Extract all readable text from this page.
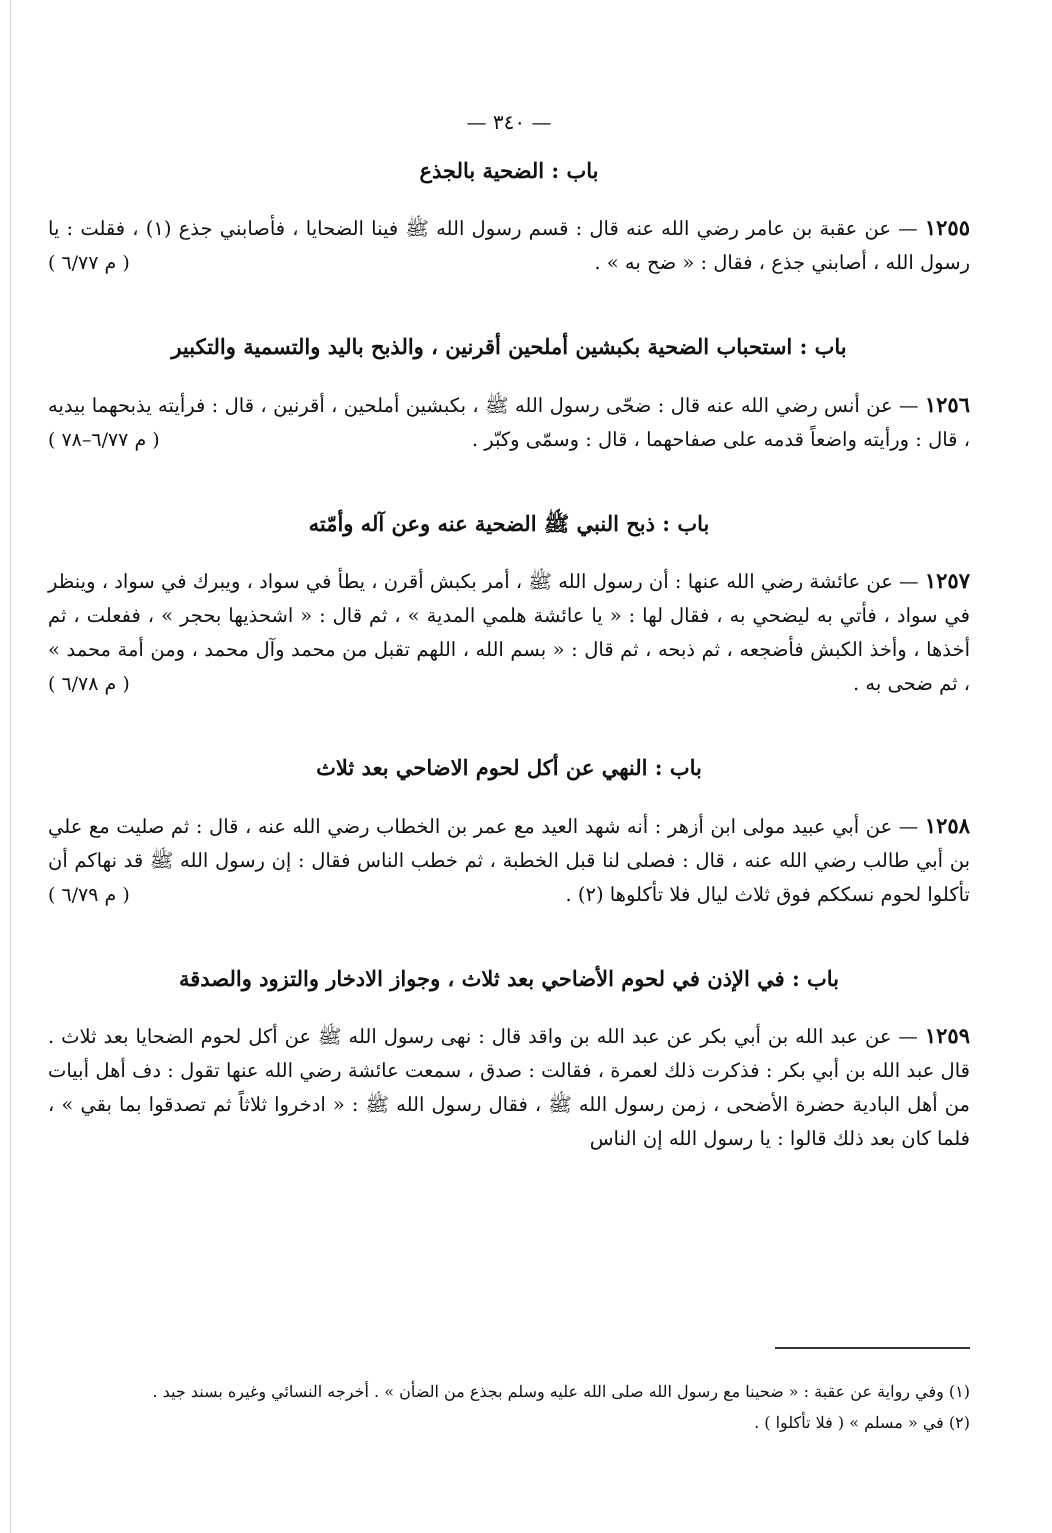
— ٣٤٠ —
باب : الضحية بالجذع

١٢٥٥ — عن عقبة بن عامر رضي الله عنه قال : قسم رسول الله ﷺ فينا الضحايا ، فأصابني جذع (١) ، فقلت : يا رسول الله ، أصابني جذع ، فقال : « ضح به » .
( م ٦/٧٧ )

باب : استحباب الضحية بكبشين أملحين أقرنين ، والذبح باليد والتسمية والتكبير

١٢٥٦ — عن أنس رضي الله عنه قال : ضحّى رسول الله ﷺ ، بكبشين أملحين ، أقرنين ، قال : فرأيته يذبحهما بيديه ، قال : ورأيته واضعاً قدمه على صفاحهما ، قال : وسمّى وكبّر .
( م ٦/٧٧–٧٨ )

باب : ذبح النبي ﷺ الضحية عنه وعن آله وأمّته

١٢٥٧ — عن عائشة رضي الله عنها : أن رسول الله ﷺ ، أمر بكبش أقرن ، يطأ في سواد ، ويبرك في سواد ، وينظر في سواد ، فأتي به ليضحي به ، فقال لها : « يا عائشة هلمي المدية » ، ثم قال : « اشحذيها بحجر » ، ففعلت ، ثم أخذها ، وأخذ الكبش فأضجعه ، ثم ذبحه ، ثم قال : « بسم الله ، اللهم تقبل من محمد وآل محمد ، ومن أمة محمد » ، ثم ضحى به .
( م ٦/٧٨ )

باب : النهي عن أكل لحوم الاضاحي بعد ثلاث

١٢٥٨ — عن أبي عبيد مولى ابن أزهر : أنه شهد العيد مع عمر بن الخطاب رضي الله عنه ، قال : ثم صليت مع علي بن أبي طالب رضي الله عنه ، قال : فصلى لنا قبل الخطبة ، ثم خطب الناس فقال : إن رسول الله ﷺ قد نهاكم أن تأكلوا لحوم نسككم فوق ثلاث ليال فلا تأكلوها (٢) .
( م ٦/٧٩ )

باب : في الإذن في لحوم الأضاحي بعد ثلاث ، وجواز الادخار والتزود والصدقة

١٢٥٩ — عن عبد الله بن أبي بكر عن عبد الله بن واقد قال : نهى رسول الله ﷺ عن أكل لحوم الضحايا بعد ثلاث . قال عبد الله بن أبي بكر : فذكرت ذلك لعمرة ، فقالت : صدق ، سمعت عائشة رضي الله عنها تقول : دف أهل أبيات من أهل البادية حضرة الأضحى ، زمن رسول الله ﷺ ، فقال رسول الله ﷺ : « ادخروا ثلاثاً ثم تصدقوا بما بقي » ، فلما كان بعد ذلك قالوا : يا رسول الله إن الناس

(١) وفي رواية عن عقبة : « ضحينا مع رسول الله صلى الله عليه وسلم بجذع من الضأن » . أخرجه النسائي وغيره بسند جيد .

(٢) في « مسلم » ( فلا تأكلوا ) .
